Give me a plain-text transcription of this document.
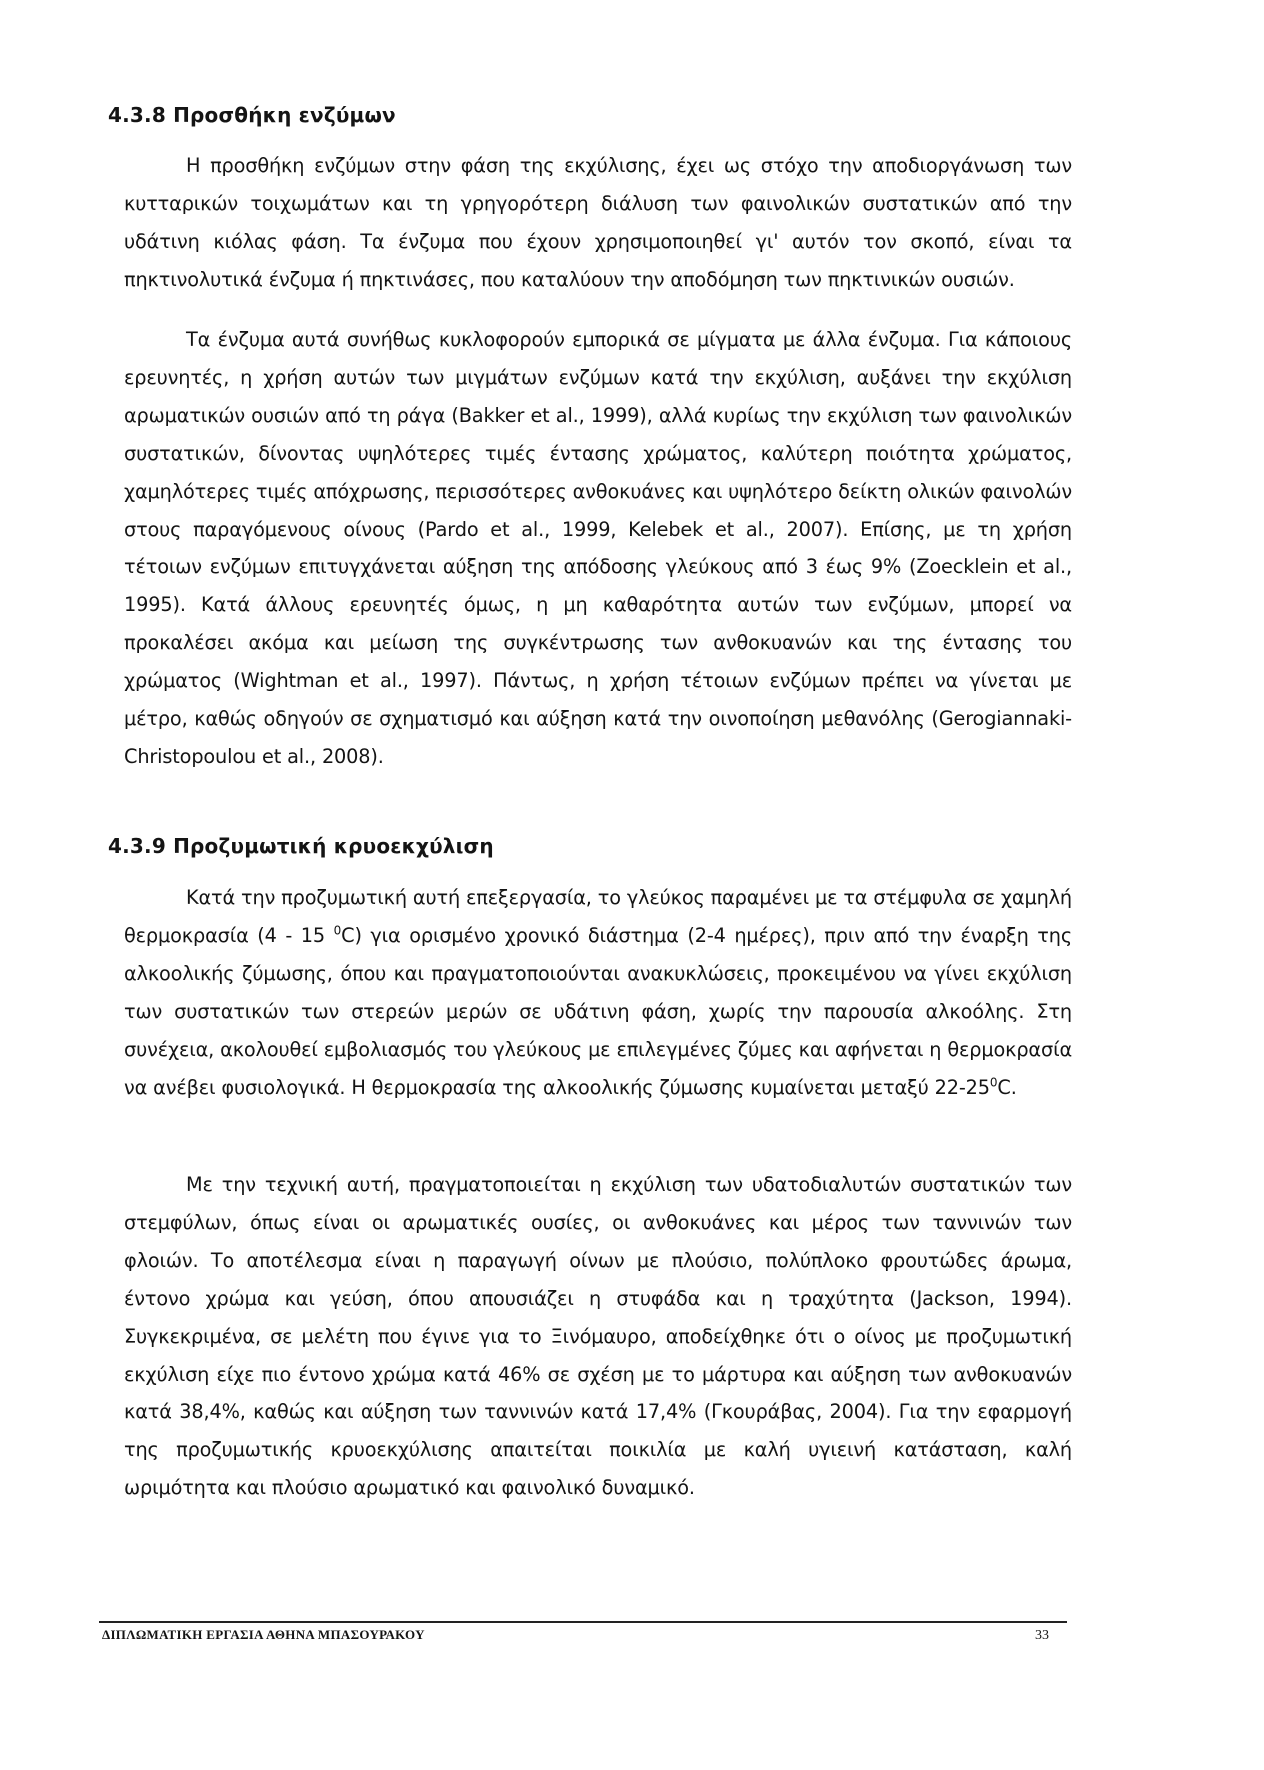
4.3.8 Προσθήκη ενζύμων

Η προσθήκη ενζύμων στην φάση της εκχύλισης, έχει ως στόχο την αποδιοργάνωση των κυτταρικών τοιχωμάτων και τη γρηγορότερη διάλυση των φαινολικών συστατικών από την υδάτινη κιόλας φάση. Τα ένζυμα που έχουν χρησιμοποιηθεί γι' αυτόν τον σκοπό, είναι τα πηκτινολυτικά ένζυμα ή πηκτινάσες, που καταλύουν την αποδόμηση των πηκτινικών ουσιών.

Τα ένζυμα αυτά συνήθως κυκλοφορούν εμπορικά σε μίγματα με άλλα ένζυμα. Για κάποιους ερευνητές, η χρήση αυτών των μιγμάτων ενζύμων κατά την εκχύλιση, αυξάνει την εκχύλιση αρωματικών ουσιών από τη ράγα (Bakker et al., 1999), αλλά κυρίως την εκχύλιση των φαινολικών συστατικών, δίνοντας υψηλότερες τιμές έντασης χρώματος, καλύτερη ποιότητα χρώματος, χαμηλότερες τιμές απόχρωσης, περισσότερες ανθοκυάνες και υψηλότερο δείκτη ολικών φαινολών στους παραγόμενους οίνους (Pardo et al., 1999, Kelebek et al., 2007). Επίσης, με τη χρήση τέτοιων ενζύμων επιτυγχάνεται αύξηση της απόδοσης γλεύκους από 3 έως 9% (Zoecklein et al., 1995). Κατά άλλους ερευνητές όμως, η μη καθαρότητα αυτών των ενζύμων, μπορεί να προκαλέσει ακόμα και μείωση της συγκέντρωσης των ανθοκυανών και της έντασης του χρώματος (Wightman et al., 1997). Πάντως, η χρήση τέτοιων ενζύμων πρέπει να γίνεται με μέτρο, καθώς οδηγούν σε σχηματισμό και αύξηση κατά την οινοποίηση μεθανόλης (Gerogiannaki-Christopoulou et al., 2008).

4.3.9 Προζυμωτική κρυοεκχύλιση

Κατά την προζυμωτική αυτή επεξεργασία, το γλεύκος παραμένει με τα στέμφυλα σε χαμηλή θερμοκρασία (4 - 15 $^0$C) για ορισμένο χρονικό διάστημα (2-4 ημέρες), πριν από την έναρξη της αλκοολικής ζύμωσης, όπου και πραγματοποιούνται ανακυκλώσεις, προκειμένου να γίνει εκχύλιση των συστατικών των στερεών μερών σε υδάτινη φάση, χωρίς την παρουσία αλκοόλης. Στη συνέχεια, ακολουθεί εμβολιασμός του γλεύκους με επιλεγμένες ζύμες και αφήνεται η θερμοκρασία να ανέβει φυσιολογικά. Η θερμοκρασία της αλκοολικής ζύμωσης κυμαίνεται μεταξύ $22-25^0C$.

Με την τεχνική αυτή, πραγματοποιείται η εκχύλιση των υδατοδιαλυτών συστατικών των στεμφύλων, όπως είναι οι αρωματικές ουσίες, οι ανθοκυάνες και μέρος των ταννινών των φλοιών. Το αποτέλεσμα είναι η παραγωγή οίνων με πλούσιο, πολύπλοκο φρουτώδες άρωμα, έντονο χρώμα και γεύση, όπου απουσιάζει η στυφάδα και η τραχύτητα (Jackson, 1994). Συγκεκριμένα, σε μελέτη που έγινε για το Ξινόμαυρο, αποδείχθηκε ότι ο οίνος με προζυμωτική εκχύλιση είχε πιο έντονο χρώμα κατά 46% σε σχέση με το μάρτυρα και αύξηση των ανθοκυανών κατά 38,4%, καθώς και αύξηση των ταννινών κατά 17,4% (Γκουράβας, 2004). Για την εφαρμογή της προζυμωτικής κρυοεκχύλισης απαιτείται ποικιλία με καλή υγιεινή κατάσταση, καλή ωριμότητα και πλούσιο αρωματικό και φαινολικό δυναμικό.

ΔΙΠΛΩΜΑΤΙΚΗ ΕΡΓΑΣΙΑ ΑΘΗΝΑ ΜΠΑΣΟΥΡΑΚΟΥ	33
